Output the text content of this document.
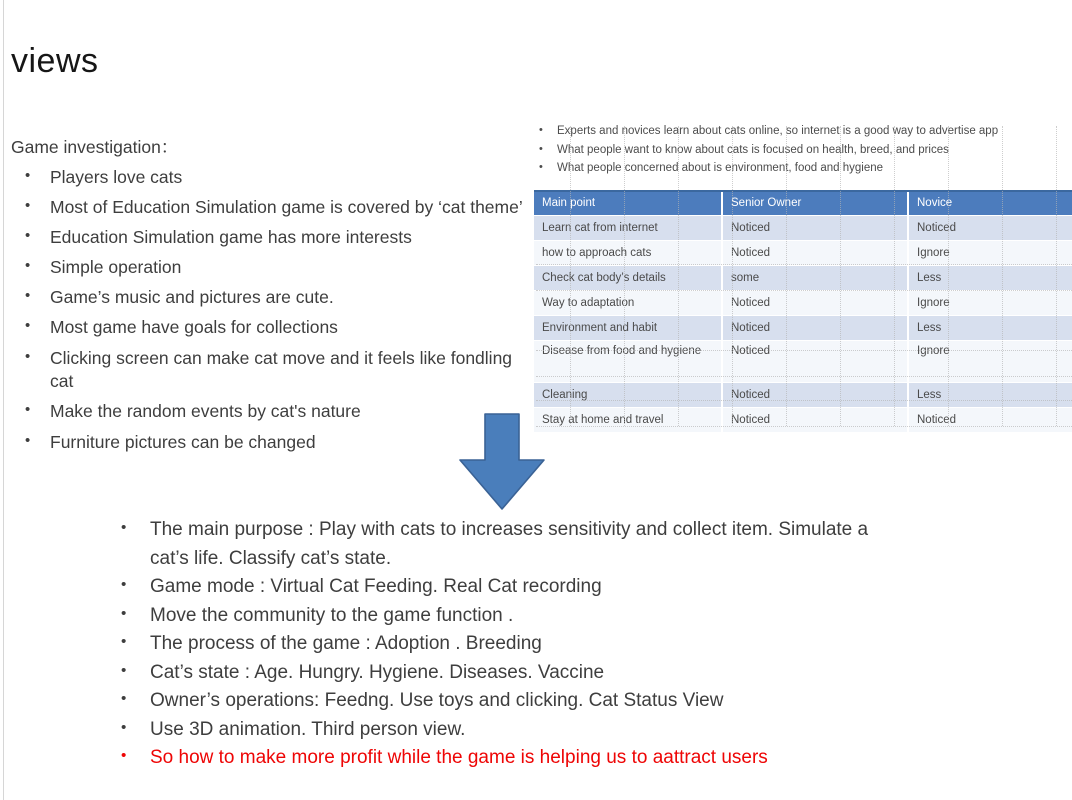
views
Game investigation：
• Players love cats
• Most of Education Simulation game is covered by ‘cat theme’
• Education Simulation game has more interests
• Simple operation
• Game’s music and pictures are cute.
• Most game have goals for collections
• Clicking screen can make cat move and it feels like fondling cat
• Make the random events by cat's nature
• Furniture pictures can be changed
• Experts and novices learn about cats online, so internet is a good way to advertise app
• What people want to know about cats is focused on health, breed, and prices
• What people concerned about is environment, food and hygiene
Main point	Senior Owner	Novice
Learn cat from internet	Noticed	Noticed
how to approach cats	Noticed	Ignore
Check cat body’s details	some	Less
Way to adaptation	Noticed	Ignore
Environment and habit	Noticed	Less
Disease from food and hygiene	Noticed	Ignore
Cleaning	Noticed	Less
Stay at home and travel	Noticed	Noticed
• The main purpose : Play with cats to increases sensitivity and collect item. Simulate a cat’s life. Classify cat’s state.
• Game mode : Virtual Cat Feeding. Real Cat recording
• Move the community to the game function .
• The process of the game : Adoption . Breeding
• Cat’s state : Age. Hungry. Hygiene. Diseases. Vaccine
• Owner’s operations: Feedng. Use toys and clicking. Cat Status View
• Use 3D animation. Third person view.
• So how to make more profit while the game is helping us to aattract users
